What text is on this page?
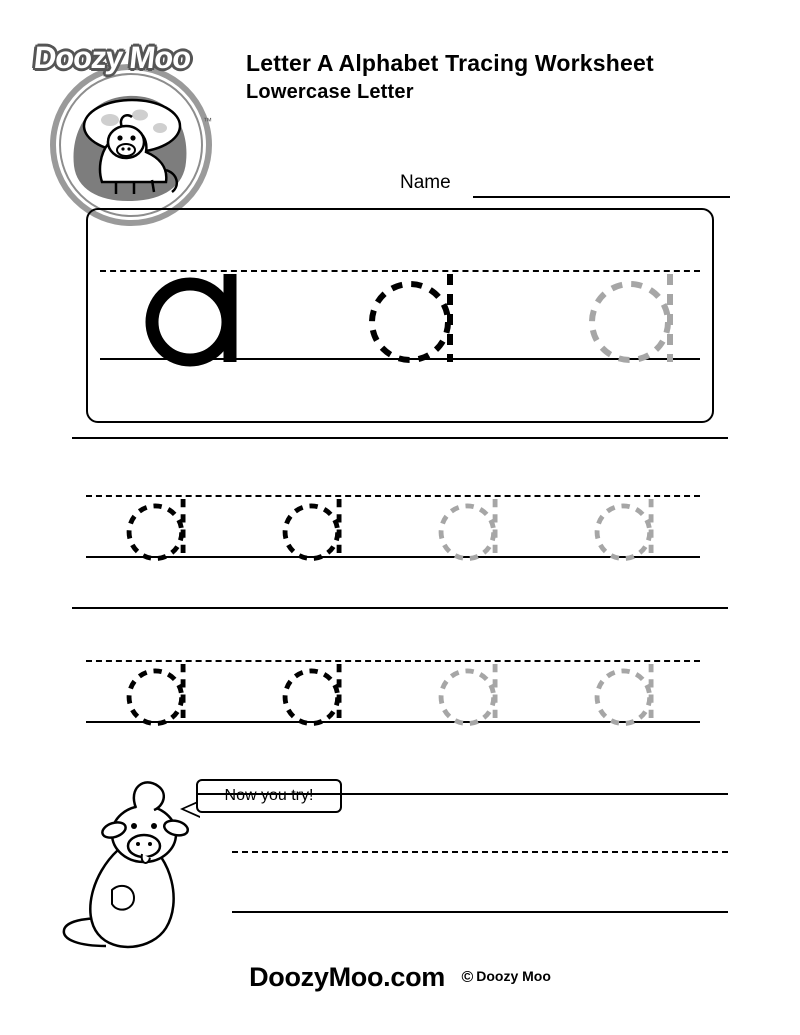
Doozy Moo
™
Letter A Alphabet Tracing Worksheet
Lowercase Letter
Name
Now you try!
DoozyMoo.com © Doozy Moo
